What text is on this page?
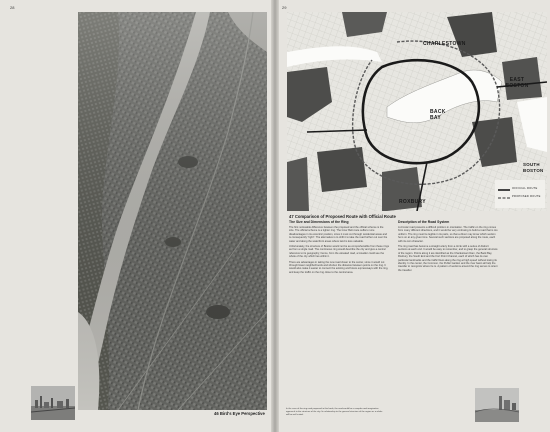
28
46 Bird's Eye Perspective
29
CHARLESTOWN
EAST BOSTON
BACK BAY
ROXBURY
SOUTH BOSTON
OFFICIAL ROUTE
PROPOSED ROUTE
47 Comparison of Proposed Route with Official Route
The Size and Dimensions of the Ring

The first noticeable difference between the proposed and the official scheme is the size. The official scheme is a tighter ring. The Inner Belt route suffers more disadvantages in its eccentric position, since it must cut through residential areas and is consequently "tight". The alternative is to shift it to take the road further out over the water and along the waterfront areas where land is less valuable.

Unfortunately, the structure of Boston would not be as comprehensible from these rings as from a single road. The continuous ring would describe the city and give a central reference to its geography; hence, from the elevated road, a traveller could see the whole of the city which lies within it.

There are advantages in taking the new road closer to the center, since it would cut through fewer neighborhoods and shorten the distance between points on the ring. It would also make it easier to connect the existing and future expressways with the ring, and keep the traffic on the ring close to the central area.

Description of the Road System

A circular road presents a difficult problem in orientation. The traffic on the ring comes from many different directions, and it would be very confusing to build a road that is too uniform. The ring must be legible in its parts, so that a driver may know which section he is on at any given time. Several such sections are proposed along the route, each with its own character.

The ring road has become a straight artery from a circle with a series of distinct sections at each end. It would be easy to remember, and to grasp the general structure of the region. Points along it are identified as the Charlestown Dam, the Back Bay, Roxbury, the South End and the Fort Point Channel, each of which has its own particular landmarks and the traffic flows along the ring at high speed without losing its identity. In the center, the Common, the Public Garden and the river basin all help the traveller to recognize where he is. A pattern of sections around the ring serves to orient the traveller.

In the case of the ring road proposed in this book, the road would be a complex and imaginative approach to the structure of the city. Its relationship to the general structure of the region as a whole will be well suited.
